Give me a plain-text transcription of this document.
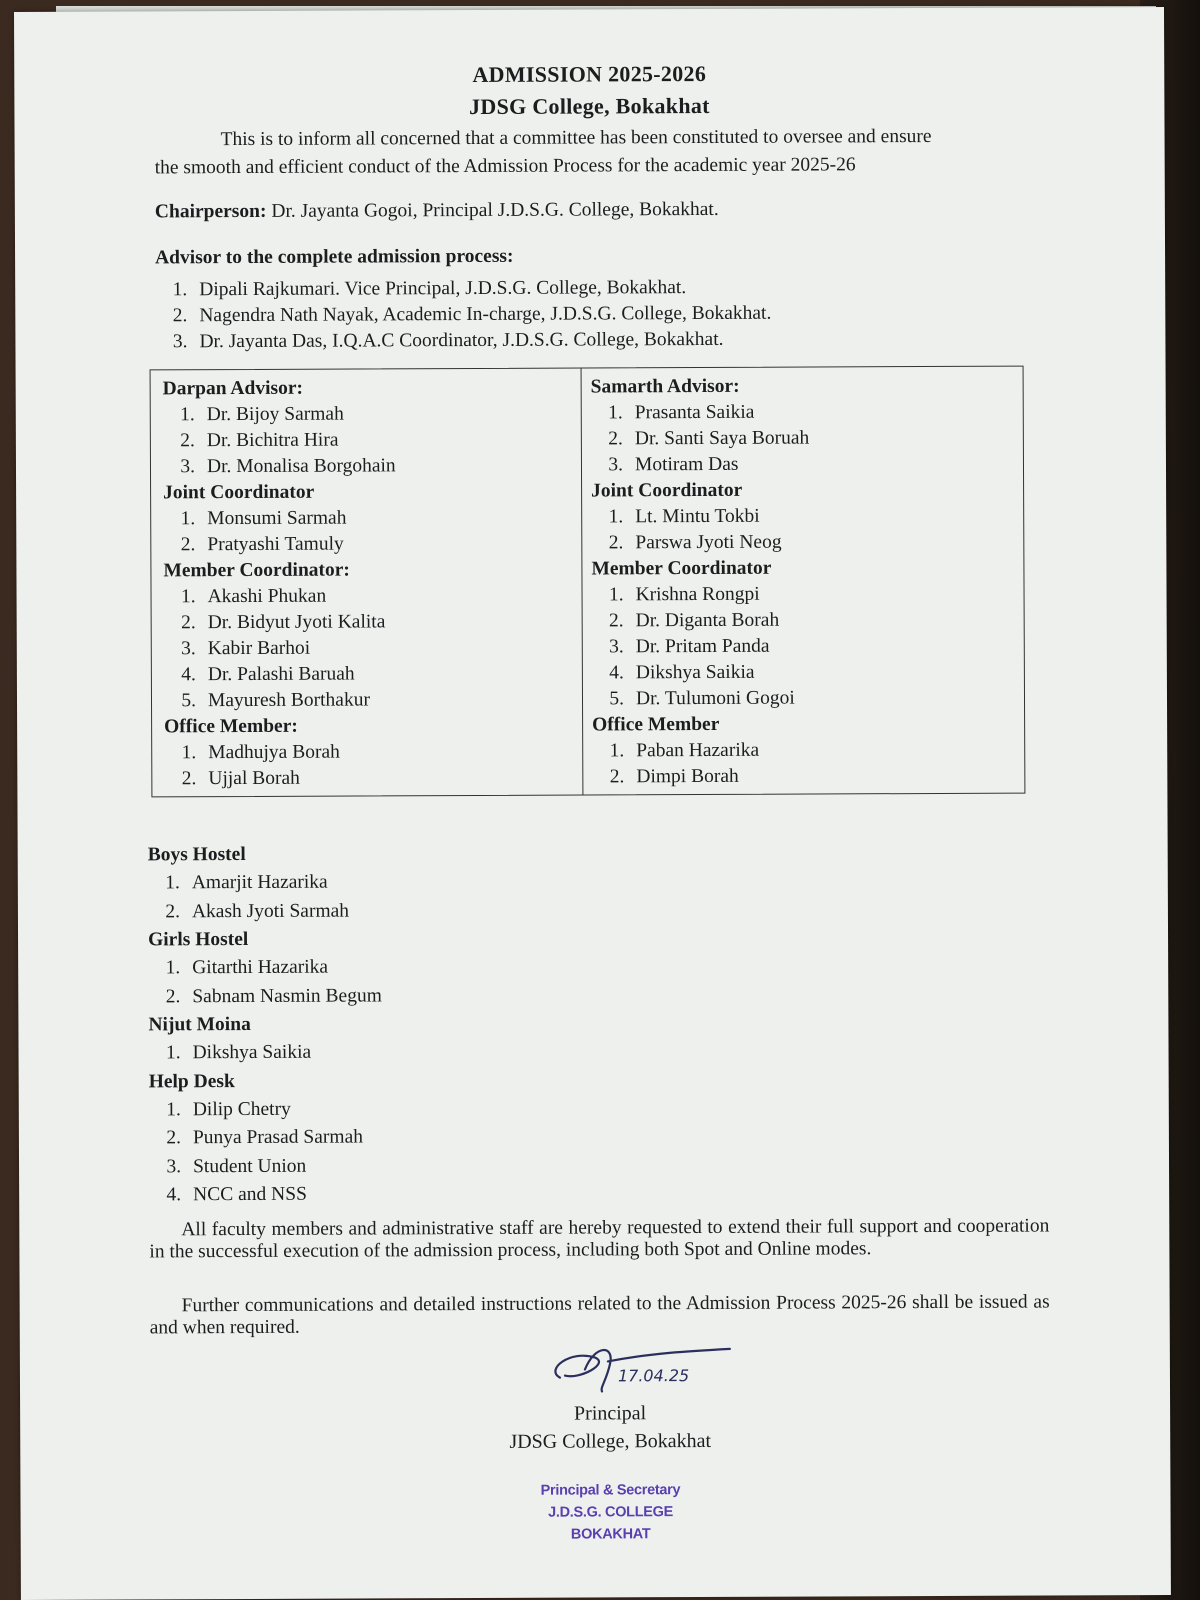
ADMISSION 2025-2026
JDSG College, Bokakhat
This is to inform all concerned that a committee has been constituted to oversee and ensure
the smooth and efficient conduct of the Admission Process for the academic year 2025-26
Chairperson: Dr. Jayanta Gogoi, Principal J.D.S.G. College, Bokakhat.
Advisor to the complete admission process:
1. Dipali Rajkumari. Vice Principal, J.D.S.G. College, Bokakhat.
2. Nagendra Nath Nayak, Academic In-charge, J.D.S.G. College, Bokakhat.
3. Dr. Jayanta Das, I.Q.A.C Coordinator, J.D.S.G. College, Bokakhat.
Darpan Advisor:
1. Dr. Bijoy Sarmah
2. Dr. Bichitra Hira
3. Dr. Monalisa Borgohain
Joint Coordinator
1. Monsumi Sarmah
2. Pratyashi Tamuly
Member Coordinator:
1. Akashi Phukan
2. Dr. Bidyut Jyoti Kalita
3. Kabir Barhoi
4. Dr. Palashi Baruah
5. Mayuresh Borthakur
Office Member:
1. Madhujya Borah
2. Ujjal Borah
Samarth Advisor:
1. Prasanta Saikia
2. Dr. Santi Saya Boruah
3. Motiram Das
Joint Coordinator
1. Lt. Mintu Tokbi
2. Parswa Jyoti Neog
Member Coordinator
1. Krishna Rongpi
2. Dr. Diganta Borah
3. Dr. Pritam Panda
4. Dikshya Saikia
5. Dr. Tulumoni Gogoi
Office Member
1. Paban Hazarika
2. Dimpi Borah
Boys Hostel
1. Amarjit Hazarika
2. Akash Jyoti Sarmah
Girls Hostel
1. Gitarthi Hazarika
2. Sabnam Nasmin Begum
Nijut Moina
1. Dikshya Saikia
Help Desk
1. Dilip Chetry
2. Punya Prasad Sarmah
3. Student Union
4. NCC and NSS
All faculty members and administrative staff are hereby requested to extend their full support and cooperation in the successful execution of the admission process, including both Spot and Online modes.
Further communications and detailed instructions related to the Admission Process 2025-26 shall be issued as and when required.
17.04.25
Principal
JDSG College, Bokakhat
Principal & Secretary
J.D.S.G. COLLEGE
BOKAKHAT
